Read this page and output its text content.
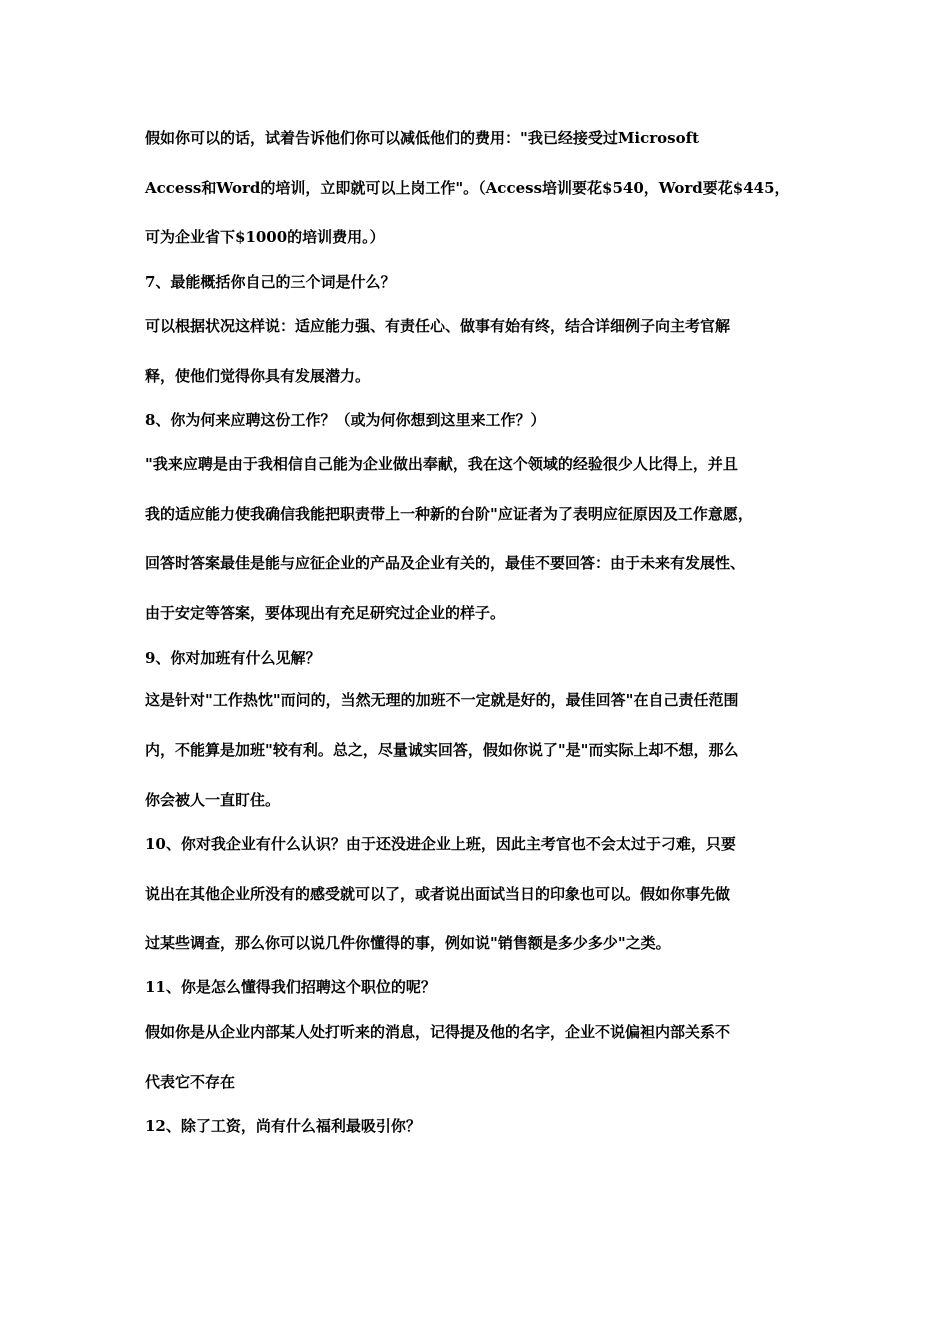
假如你可以的话，试着告诉他们你可以减低他们的费用："我已经接受过Microsoft
Access和Word的培训，立即就可以上岗工作"。（Access培训要花$540，Word要花$445，
可为企业省下$1000的培训费用。）
7、最能概括你自己的三个词是什么？
可以根据状况这样说：适应能力强、有责任心、做事有始有终，结合详细例子向主考官解
释，使他们觉得你具有发展潜力。
8、你为何来应聘这份工作？（或为何你想到这里来工作？）
"我来应聘是由于我相信自己能为企业做出奉献，我在这个领域的经验很少人比得上，并且
我的适应能力使我确信我能把职责带上一种新的台阶"应证者为了表明应征原因及工作意愿，
回答时答案最佳是能与应征企业的产品及企业有关的，最佳不要回答：由于未来有发展性、
由于安定等答案，要体现出有充足研究过企业的样子。
9、你对加班有什么见解？
这是针对"工作热忱"而问的，当然无理的加班不一定就是好的，最佳回答"在自己责任范围
内，不能算是加班"较有利。总之，尽量诚实回答，假如你说了"是"而实际上却不想，那么
你会被人一直盯住。
10、你对我企业有什么认识？由于还没进企业上班，因此主考官也不会太过于刁难，只要
说出在其他企业所没有的感受就可以了，或者说出面试当日的印象也可以。假如你事先做
过某些调查，那么你可以说几件你懂得的事，例如说"销售额是多少多少"之类。
11、你是怎么懂得我们招聘这个职位的呢？
假如你是从企业内部某人处打听来的消息，记得提及他的名字，企业不说偏袒内部关系不
代表它不存在
12、除了工资，尚有什么福利最吸引你？
